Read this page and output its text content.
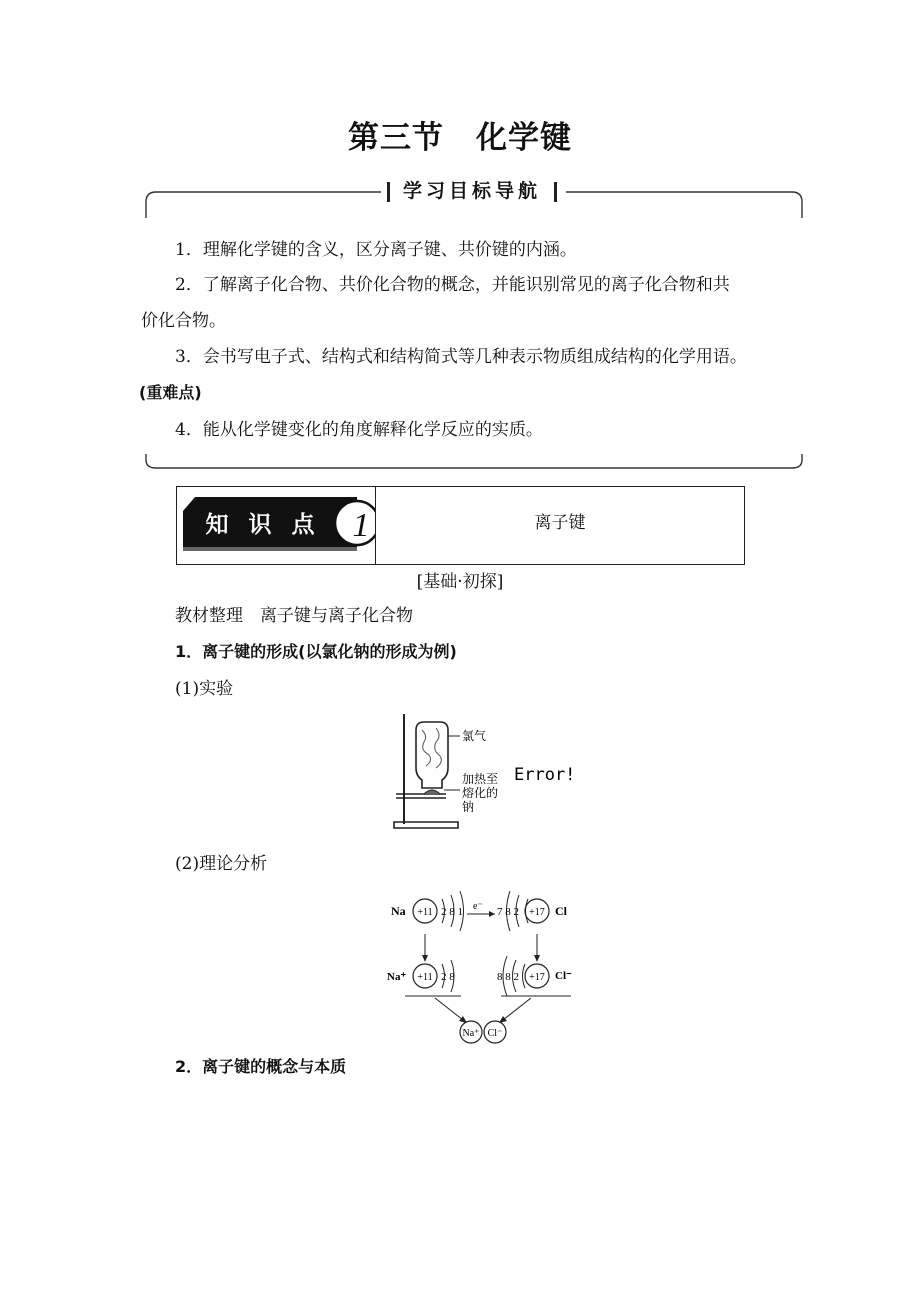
第三节　化学键
学习目标导航
1．理解化学键的含义，区分离子键、共价键的内涵。
2．了解离子化合物、共价化合物的概念，并能识别常见的离子化合物和共
价化合物。
3．会书写电子式、结构式和结构简式等几种表示物质组成结构的化学用语。
(重难点)
4．能从化学键变化的角度解释化学反应的实质。
1
知 识 点	离子键
[基础·初探]
教材整理　离子键与离子化合物
1．离子键的形成(以氯化钠的形成为例)
(1)实验
氯气
加热至
熔化的
钠
Error!
(2)理论分析
Na +11 2 8 1 e⁻ 7 8 2 +17 Cl
Na⁺ +11 2 8	8 8 2 +17 Cl⁻
Na⁺ Cl⁻
2．离子键的概念与本质
